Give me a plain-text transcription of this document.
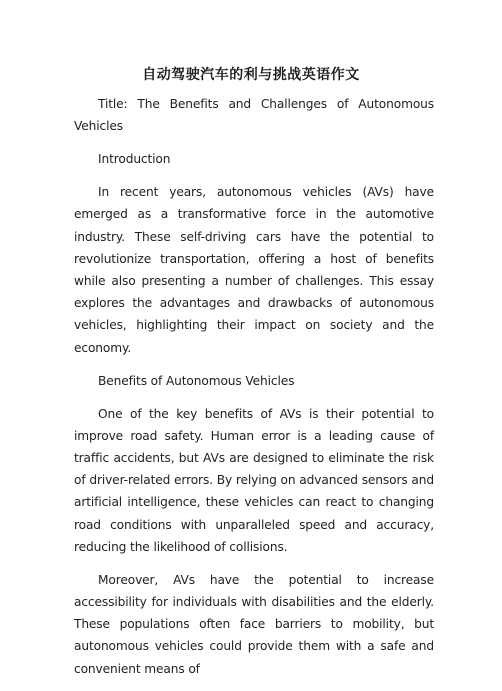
自动驾驶汽车的利与挑战英语作文

Title: The Benefits and Challenges of Autonomous Vehicles

Introduction

In recent years, autonomous vehicles (AVs) have emerged as a transformative force in the automotive industry. These self-driving cars have the potential to revolutionize transportation, offering a host of benefits while also presenting a number of challenges. This essay explores the advantages and drawbacks of autonomous vehicles, highlighting their impact on society and the economy.

Benefits of Autonomous Vehicles

One of the key benefits of AVs is their potential to improve road safety. Human error is a leading cause of traffic accidents, but AVs are designed to eliminate the risk of driver-related errors. By relying on advanced sensors and artificial intelligence, these vehicles can react to changing road conditions with unparalleled speed and accuracy, reducing the likelihood of collisions.

Moreover, AVs have the potential to increase accessibility for individuals with disabilities and the elderly. These populations often face barriers to mobility, but autonomous vehicles could provide them with a safe and convenient means of
